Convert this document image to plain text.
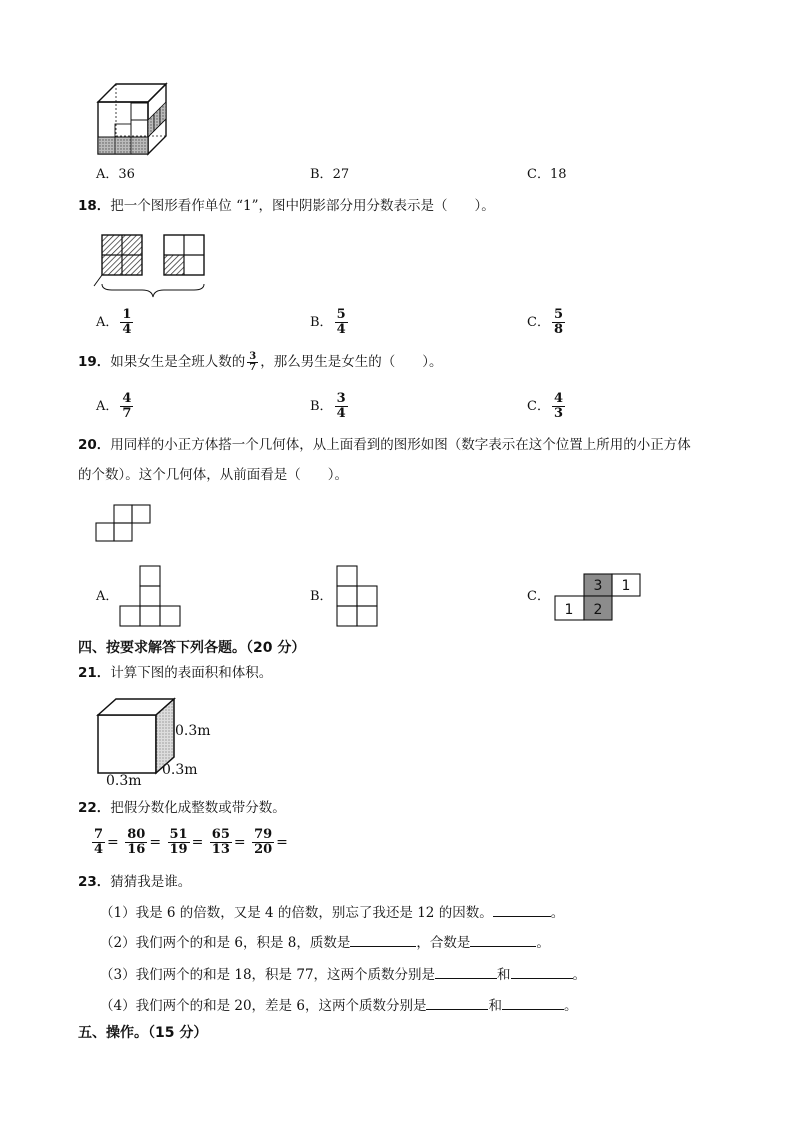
A．36	B．27	C．18
18．把一个图形看作单位 “1”，图中阴影部分用分数表示是（　　）。
A． $\frac{1}{4}$	B． $\frac{5}{4}$	C． $\frac{5}{8}$
19．如果女生是全班人数的 $\frac{3}{7}$ ，那么男生是女生的（　　）。
A． $\frac{4}{7}$	B． $\frac{3}{4}$	C． $\frac{4}{3}$
20．用同样的小正方体搭一个几何体，从上面看到的图形如图（数字表示在这个位置上所用的小正方体
的个数）。这个几何体，从前面看是（　　）。
A．	B．	C．
3 1
1 2
四、按要求解答下列各题。（20 分）
21．计算下图的表面积和体积。
0.3m
0.3m
0.3m
22．把假分数化成整数或带分数。
$\frac{7}{4} = \frac{80}{16} = \frac{51}{19} = \frac{65}{13} = \frac{79}{20}$ =
23．猜猜我是谁。
（1）我是 6 的倍数，又是 4 的倍数，别忘了我还是 12 的因数。	。
（2）我们两个的和是 6，积是 8，质数是	，合数是	。
（3）我们两个的和是 18，积是 77，这两个质数分别是	和	。
（4）我们两个的和是 20，差是 6，这两个质数分别是	和	。
五、操作。（15 分）
